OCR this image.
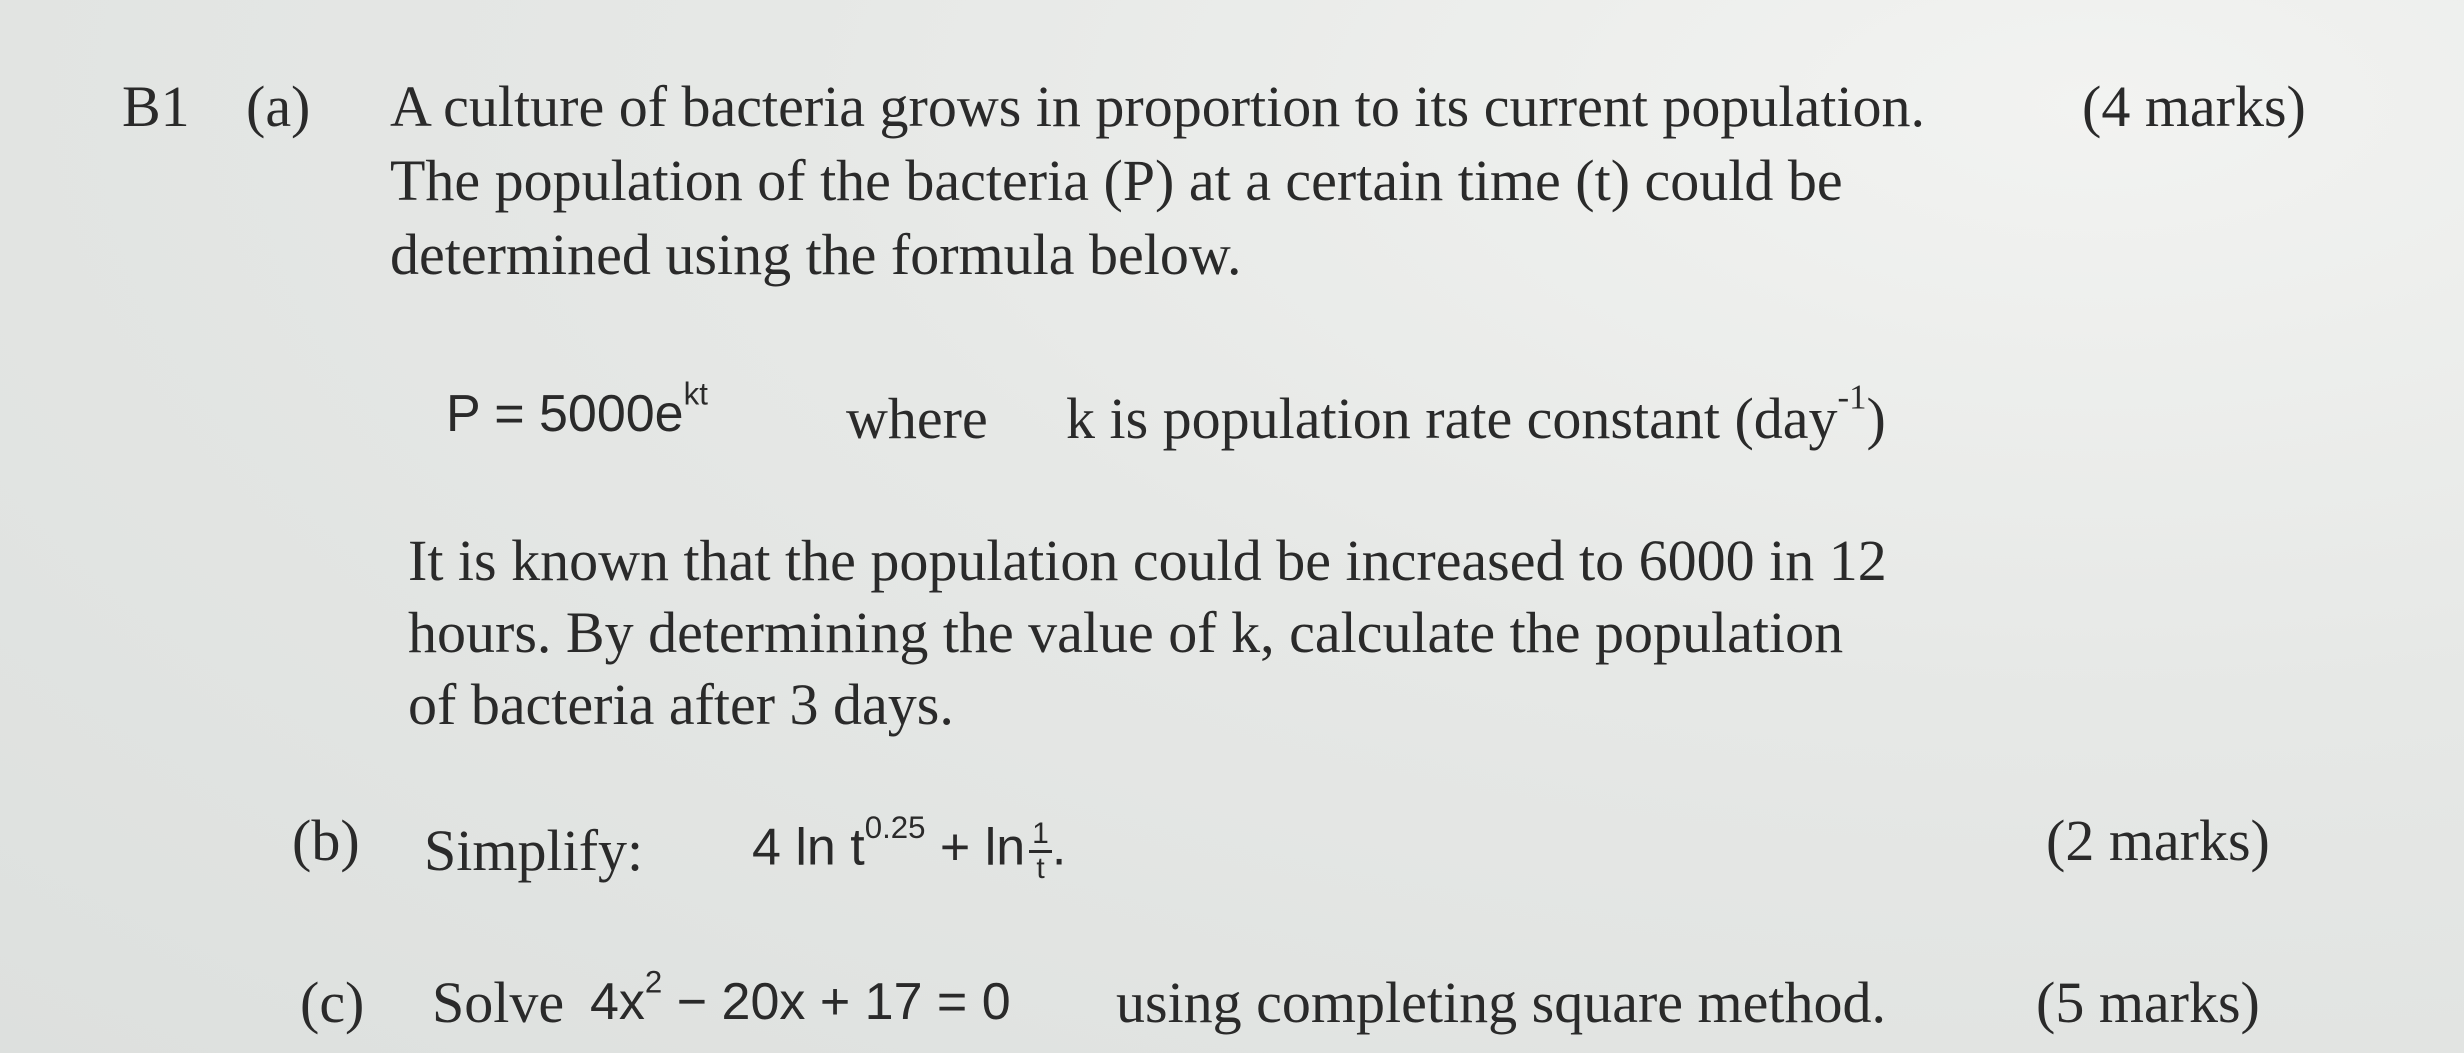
B1 (a)	(4 marks)
A culture of bacteria grows in proportion to its current population.
The population of the bacteria (P) at a certain time (t) could be
determined using the formula below.
$P = 5000e^{kt}$ where k is population rate constant (day$^{-1}$)
It is known that the population could be increased to 6000 in 12
hours. By determining the value of k, calculate the population
of bacteria after 3 days.
(b) Simplify: 4 $\ln t^{0.25} + \ln \frac{1}{t}$ .	(2 marks)
(c) Solve $4x^2 - 20x + 17 = 0$ using completing square method.	(5 marks)
